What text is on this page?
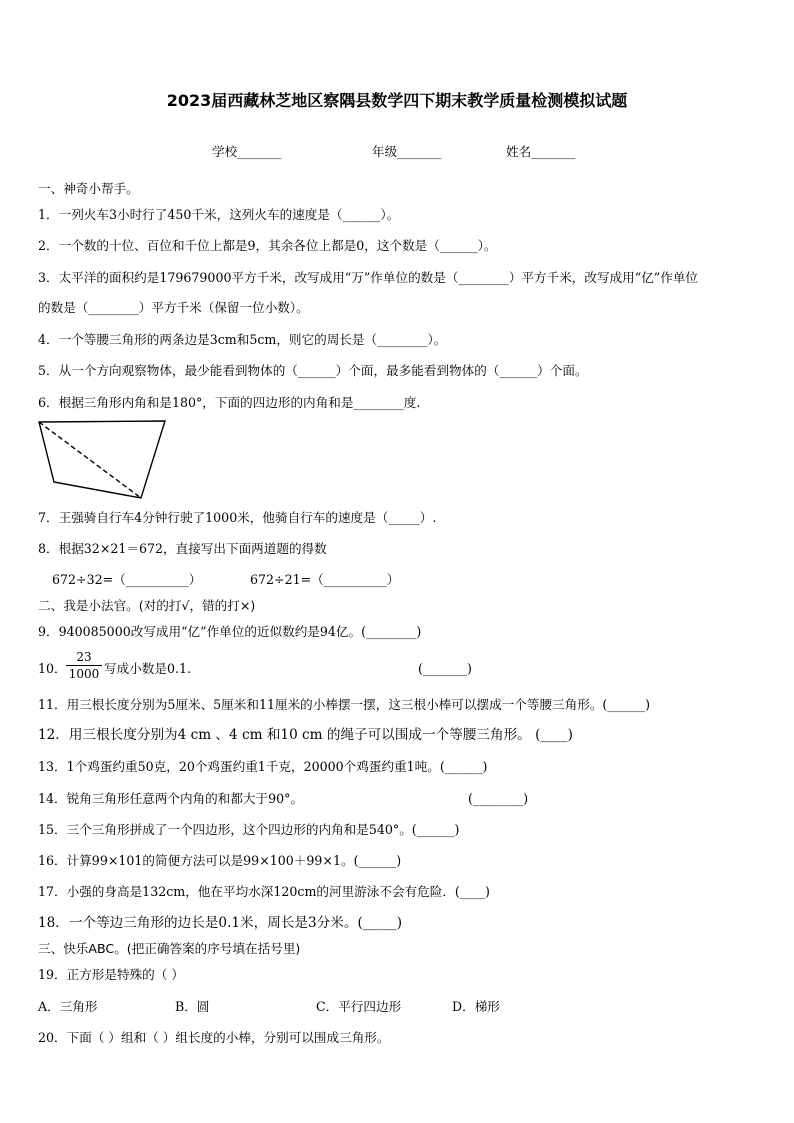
2023届西藏林芝地区察隅县数学四下期末教学质量检测模拟试题
学校_______	年级_______	姓名_______
一、神奇小帮手。
1．一列火车3小时行了450千米，这列火车的速度是（______）。
2．一个数的十位、百位和千位上都是9，其余各位上都是0，这个数是（______）。
3．太平洋的面积约是179679000平方千米，改写成用“万”作单位的数是（________）平方千米，改写成用“亿”作单位
的数是（________）平方千米（保留一位小数）。
4．一个等腰三角形的两条边是3cm和5cm，则它的周长是（________）。
5．从一个方向观察物体，最少能看到物体的（______）个面，最多能看到物体的（______）个面。
6．根据三角形内角和是180°，下面的四边形的内角和是________度.
7．王强骑自行车4分钟行驶了1000米，他骑自行车的速度是（_____）.
8．根据32×21＝672，直接写出下面两道题的得数
672÷32=（__________）	672÷21=（__________）
二、我是小法官。(对的打√，错的打×)
9．940085000改写成用“亿”作单位的近似数约是94亿。(________)
10． $\frac{23}{1000}$ 写成小数是0.1.	(_______)
11．用三根长度分别为5厘米、5厘米和11厘米的小棒摆一摆，这三根小棒可以摆成一个等腰三角形。(______)
12．用三根长度分别为4 cm 、4 cm 和10 cm 的绳子可以围成一个等腰三角形。 (____)
13．1个鸡蛋约重50克，20个鸡蛋约重1千克，20000个鸡蛋约重1吨。(______)
14．锐角三角形任意两个内角的和都大于90°。	(________)
15．三个三角形拼成了一个四边形，这个四边形的内角和是540°。(______)
16．计算99×101的简便方法可以是99×100＋99×1。(______)
17．小强的身高是132cm，他在平均水深120cm的河里游泳不会有危险．(____)
18．一个等边三角形的边长是0.1米，周长是3分米。(_____)
三、快乐ABC。(把正确答案的序号填在括号里)
19．正方形是特殊的（ ）
A．三角形	B．圆	C．平行四边形	D．梯形
20．下面（ ）组和（ ）组长度的小棒，分别可以围成三角形。
